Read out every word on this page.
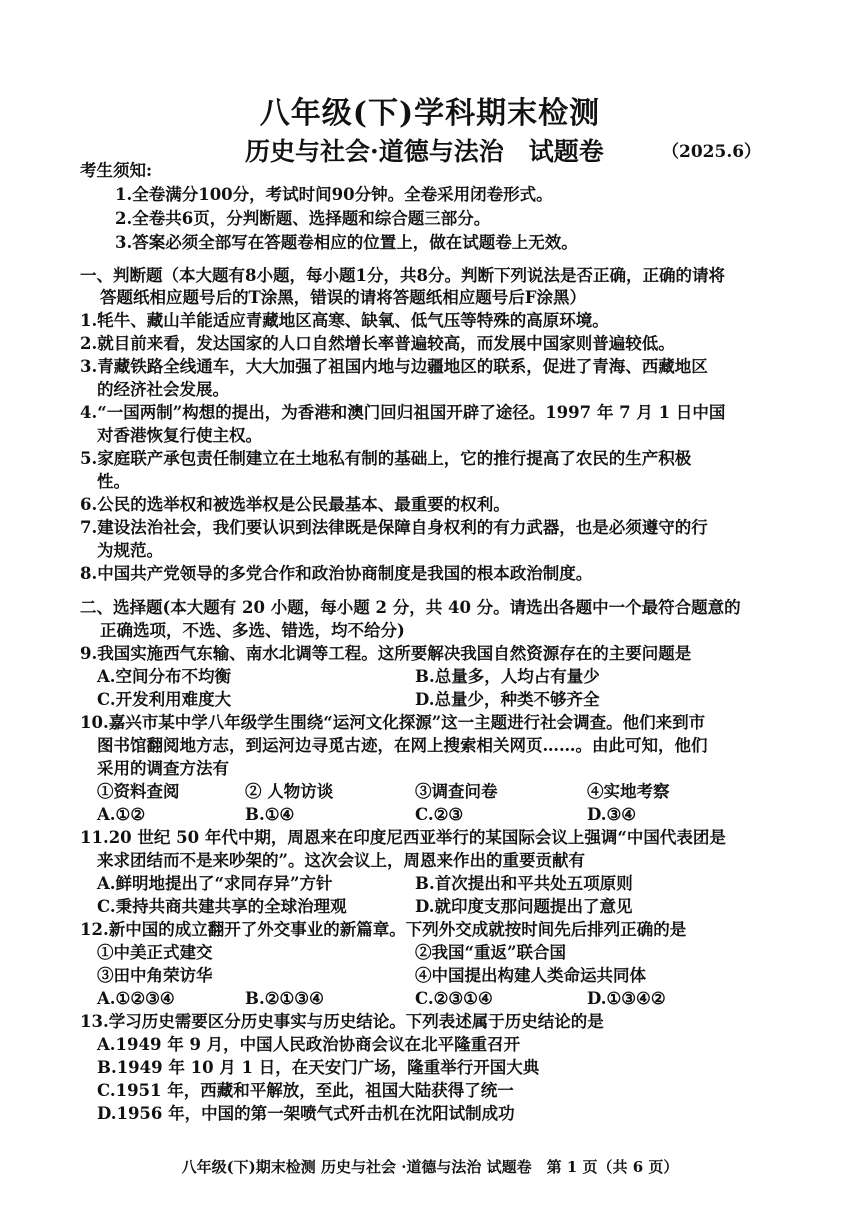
八年级(下)学科期末检测
历史与社会·道德与法治　试题卷	（2025.6）
考生须知:
1.全卷满分100分，考试时间90分钟。全卷采用闭卷形式。
2.全卷共6页，分判断题、选择题和综合题三部分。
3.答案必须全部写在答题卷相应的位置上，做在试题卷上无效。
一、判断题（本大题有8小题，每小题1分，共8分。判断下列说法是否正确，正确的请将
答题纸相应题号后的T涂黑，错误的请将答题纸相应题号后F涂黑）
1.牦牛、藏山羊能适应青藏地区高寒、缺氧、低气压等特殊的高原环境。
2.就目前来看，发达国家的人口自然增长率普遍较高，而发展中国家则普遍较低。
3.青藏铁路全线通车，大大加强了祖国内地与边疆地区的联系，促进了青海、西藏地区
的经济社会发展。
4.“一国两制”构想的提出，为香港和澳门回归祖国开辟了途径。1997 年 7 月 1 日中国
对香港恢复行使主权。
5.家庭联产承包责任制建立在土地私有制的基础上，它的推行提高了农民的生产积极
性。
6.公民的选举权和被选举权是公民最基本、最重要的权利。
7.建设法治社会，我们要认识到法律既是保障自身权利的有力武器，也是必须遵守的行
为规范。
8.中国共产党领导的多党合作和政治协商制度是我国的根本政治制度。
二、选择题(本大题有 20 小题，每小题 2 分，共 40 分。请选出各题中一个最符合题意的
正确选项，不选、多选、错选，均不给分)
9.我国实施西气东输、南水北调等工程。这所要解决我国自然资源存在的主要问题是
A.空间分布不均衡	B.总量多，人均占有量少
C.开发利用难度大	D.总量少，种类不够齐全
10.嘉兴市某中学八年级学生围绕“运河文化探源”这一主题进行社会调查。他们来到市
图书馆翻阅地方志，到运河边寻觅古迹，在网上搜索相关网页……。由此可知，他们
采用的调查方法有
①资料查阅	② 人物访谈	③调查问卷	④实地考察
A.①②	B.①④	C.②③	D.③④
11.20 世纪 50 年代中期，周恩来在印度尼西亚举行的某国际会议上强调“中国代表团是
来求团结而不是来吵架的”。这次会议上，周恩来作出的重要贡献有
A.鲜明地提出了“求同存异”方针	B.首次提出和平共处五项原则
C.秉持共商共建共享的全球治理观	D.就印度支那问题提出了意见
12.新中国的成立翻开了外交事业的新篇章。下列外交成就按时间先后排列正确的是
①中美正式建交	②我国“重返”联合国
③田中角荣访华	④中国提出构建人类命运共同体
A.①②③④	B.②①③④	C.②③①④	D.①③④②
13.学习历史需要区分历史事实与历史结论。下列表述属于历史结论的是
A.1949 年 9 月，中国人民政治协商会议在北平隆重召开
B.1949 年 10 月 1 日，在天安门广场，隆重举行开国大典
C.1951 年，西藏和平解放，至此，祖国大陆获得了统一
D.1956 年，中国的第一架喷气式歼击机在沈阳试制成功
八年级(下)期末检测 历史与社会 ·道德与法治 试题卷　第 1 页（共 6 页）
